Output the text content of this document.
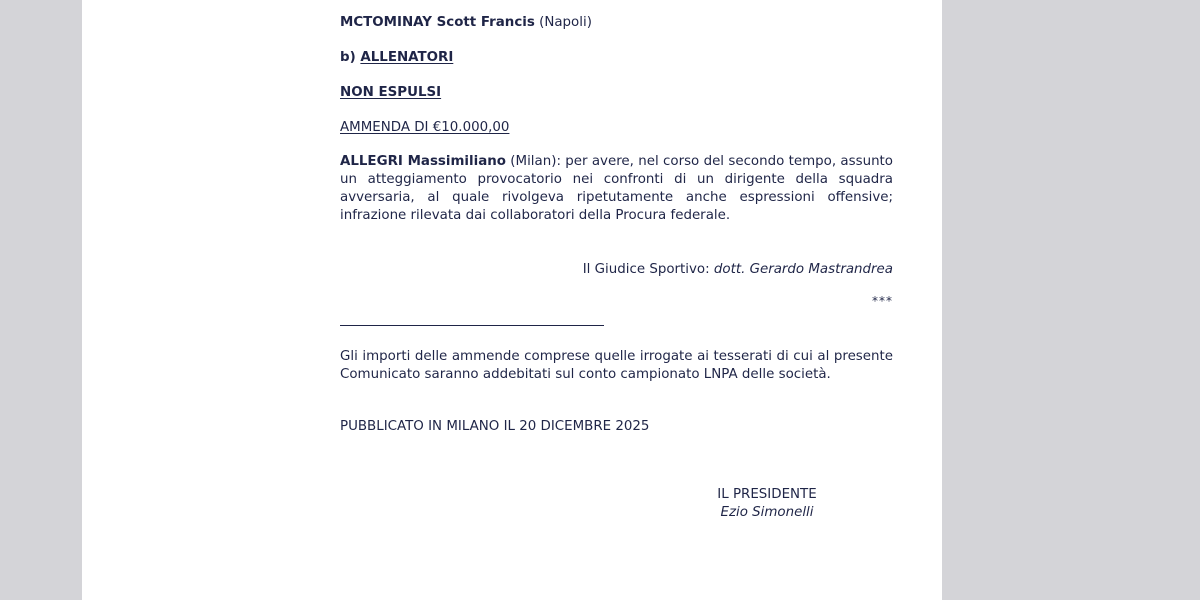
MCTOMINAY Scott Francis (Napoli)
b) ALLENATORI
NON ESPULSI
AMMENDA DI €10.000,00
ALLEGRI Massimiliano (Milan): per avere, nel corso del secondo tempo, assunto un atteggiamento provocatorio nei confronti di un dirigente della squadra avversaria, al quale rivolgeva ripetutamente anche espressioni offensive; infrazione rilevata dai collaboratori della Procura federale.
Il Giudice Sportivo: dott. Gerardo Mastrandrea
***
Gli importi delle ammende comprese quelle irrogate ai tesserati di cui al presente Comunicato saranno addebitati sul conto campionato LNPA delle società.
PUBBLICATO IN MILANO IL 20 DICEMBRE 2025
IL PRESIDENTE
Ezio Simonelli
